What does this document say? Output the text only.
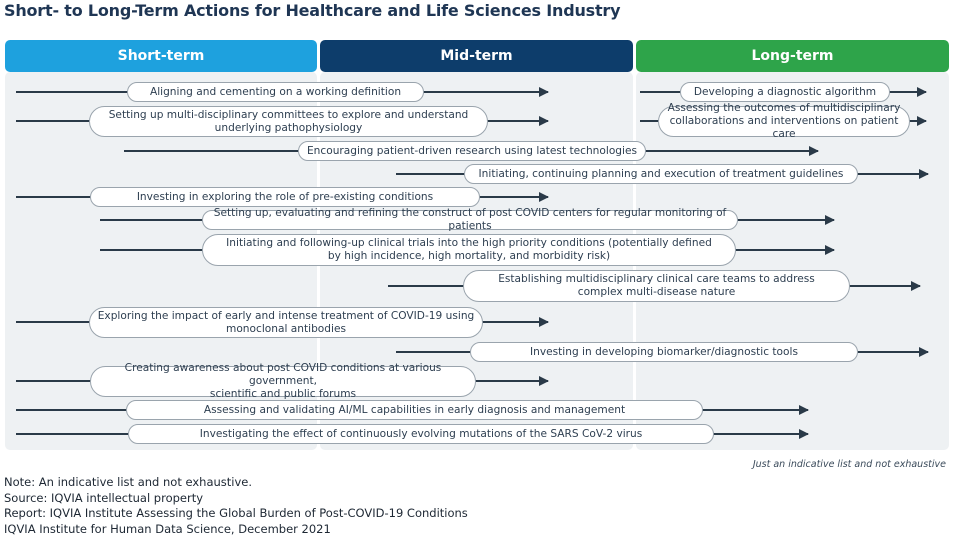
Short- to Long-Term Actions for Healthcare and Life Sciences Industry
Short-term	Mid-term	Long-term
Aligning and cementing on a working definition	Developing a diagnostic algorithm
Setting up multi-disciplinary committees to explore and understand
underlying pathophysiology
Assessing the outcomes of multidisciplinary
collaborations and interventions on patient care
Encouraging patient-driven research using latest technologies
Initiating, continuing planning and execution of treatment guidelines
Investing in exploring the role of pre-existing conditions
Setting up, evaluating and refining the construct of post COVID centers for regular monitoring of patients
Initiating and following-up clinical trials into the high priority conditions (potentially defined
by high incidence, high mortality, and morbidity risk)
Establishing multidisciplinary clinical care teams to address
complex multi-disease nature
Exploring the impact of early and intense treatment of COVID-19 using
monoclonal antibodies
Investing in developing biomarker/diagnostic tools
Creating awareness about post COVID conditions at various government,
scientific and public forums
Assessing and validating AI/ML capabilities in early diagnosis and management
Investigating the effect of continuously evolving mutations of the SARS CoV-2 virus
Just an indicative list and not exhaustive
Note: An indicative list and not exhaustive.
Source: IQVIA intellectual property
Report: IQVIA Institute Assessing the Global Burden of Post-COVID-19 Conditions
IQVIA Institute for Human Data Science, December 2021
